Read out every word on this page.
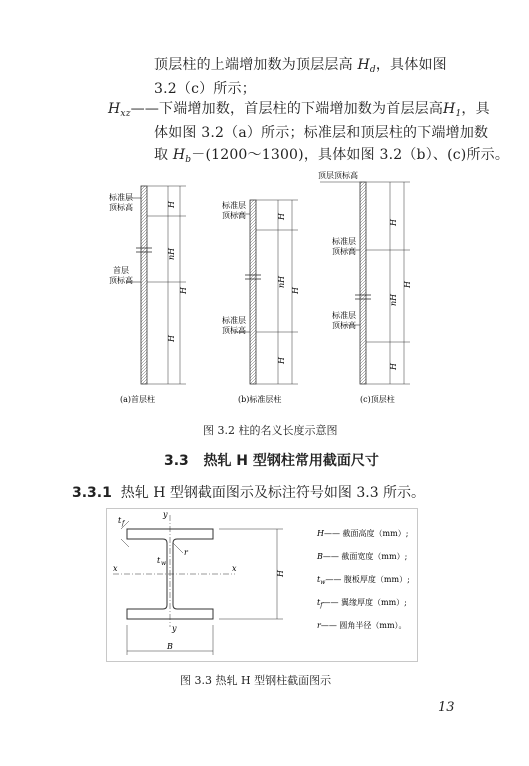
顶层柱的上端增加数为顶层层高 $H_d$，具体如图
3.2（c）所示；
$H_{xz}——$下端增加数，首层柱的下端增加数为首层层高$H_1$，具
体如图 3.2（a）所示；标准层和顶层柱的下端增加数
取 $H_b-(1200\sim 1300)$，具体如图 3.2（b）、(c)所示。
标准层
顶标高
首层
顶标高
H
nH
H
H
(a)首层柱
标准层
顶标高
标准层
顶标高
H
nH
H
H
(b)标准层柱
顶层顶标高
标准层
顶标高
标准层
顶标高
H
nH
H
H
(c)顶层柱
图 3.2 柱的名义长度示意图
3.3 热轧 H 型钢柱常用截面尺寸
3.3.1 热轧 H 型钢截面图示及标注符号如图 3.3 所示。
t f
t w
r
x	x
y
y
H
B
H—— 截面高度（mm）;
B—— 截面宽度（mm）;
$t_w——$ 腹板厚度（mm）;
$t_f——$ 翼缘厚度（mm）;
r—— 圆角半径（mm）。
图 3.3 热轧 H 型钢柱截面图示
13
